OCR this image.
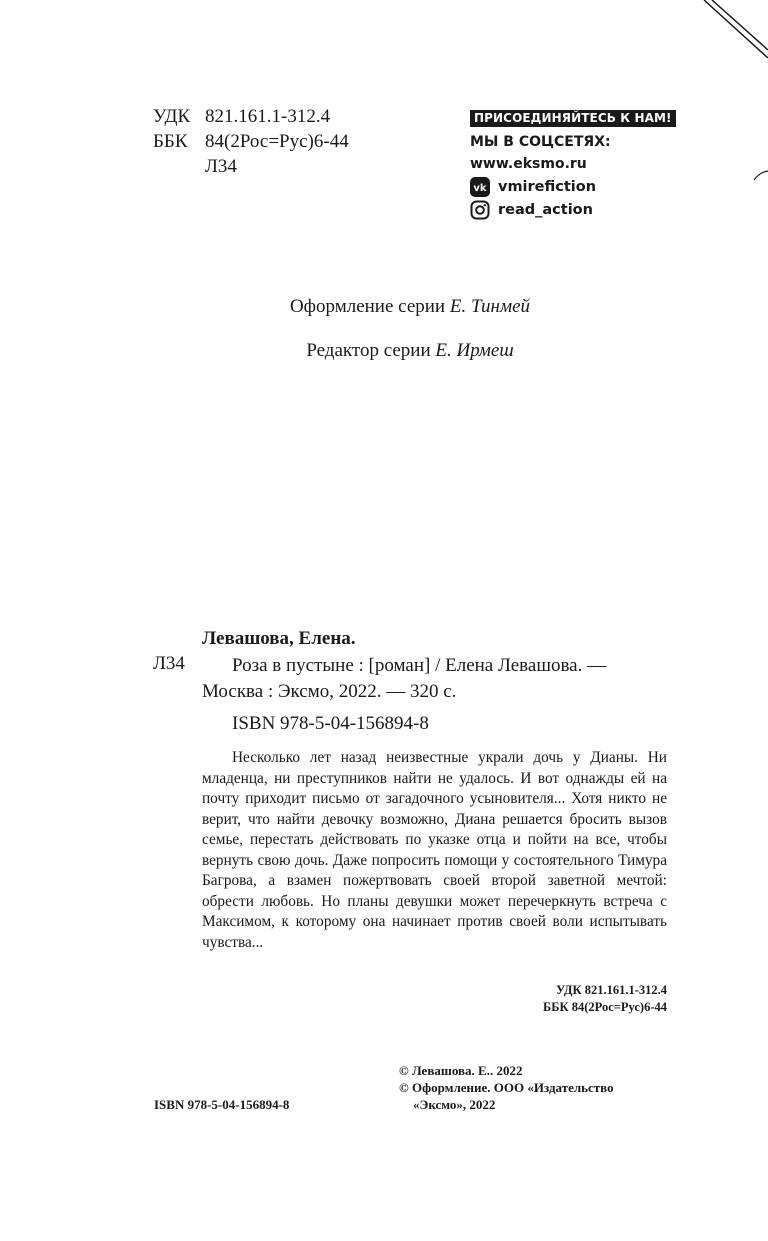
УДК 821.161.1-312.4
ББК 84(2Рос=Рус)6-44
Л34
ПРИСОЕДИНЯЙТЕСЬ К НАМ!
МЫ В СОЦСЕТЯХ:
www.eksmo.ru
vk vmirefiction
read_action
Оформление серии Е. Тинмей
Редактор серии Е. Ирмеш
Левашова, Елена.
Л34	Роза в пустыне : [роман] / Елена Левашова. —
Москва : Эксмо, 2022. — 320 с.
ISBN 978-5-04-156894-8
Несколько лет назад неизвестные украли дочь у Дианы. Ни младенца, ни преступников найти не удалось. И вот однажды ей на почту приходит письмо от загадочного усыновителя... Хотя никто не верит, что найти девочку возможно, Диана решается бросить вызов семье, перестать действовать по указке отца и пойти на все, чтобы вернуть свою дочь. Даже попросить помощи у состоятельного Тимура Багрова, а взамен пожертвовать своей второй заветной мечтой: обрести любовь. Но планы девушки может перечеркнуть встреча с Максимом, к которому она начинает против своей воли испытывать чувства...
УДК 821.161.1-312.4
ББК 84(2Рос=Рус)6-44
ISBN 978-5-04-156894-8
© Левашова. Е.. 2022
© Оформление. ООО «Издательство
«Эксмо», 2022
